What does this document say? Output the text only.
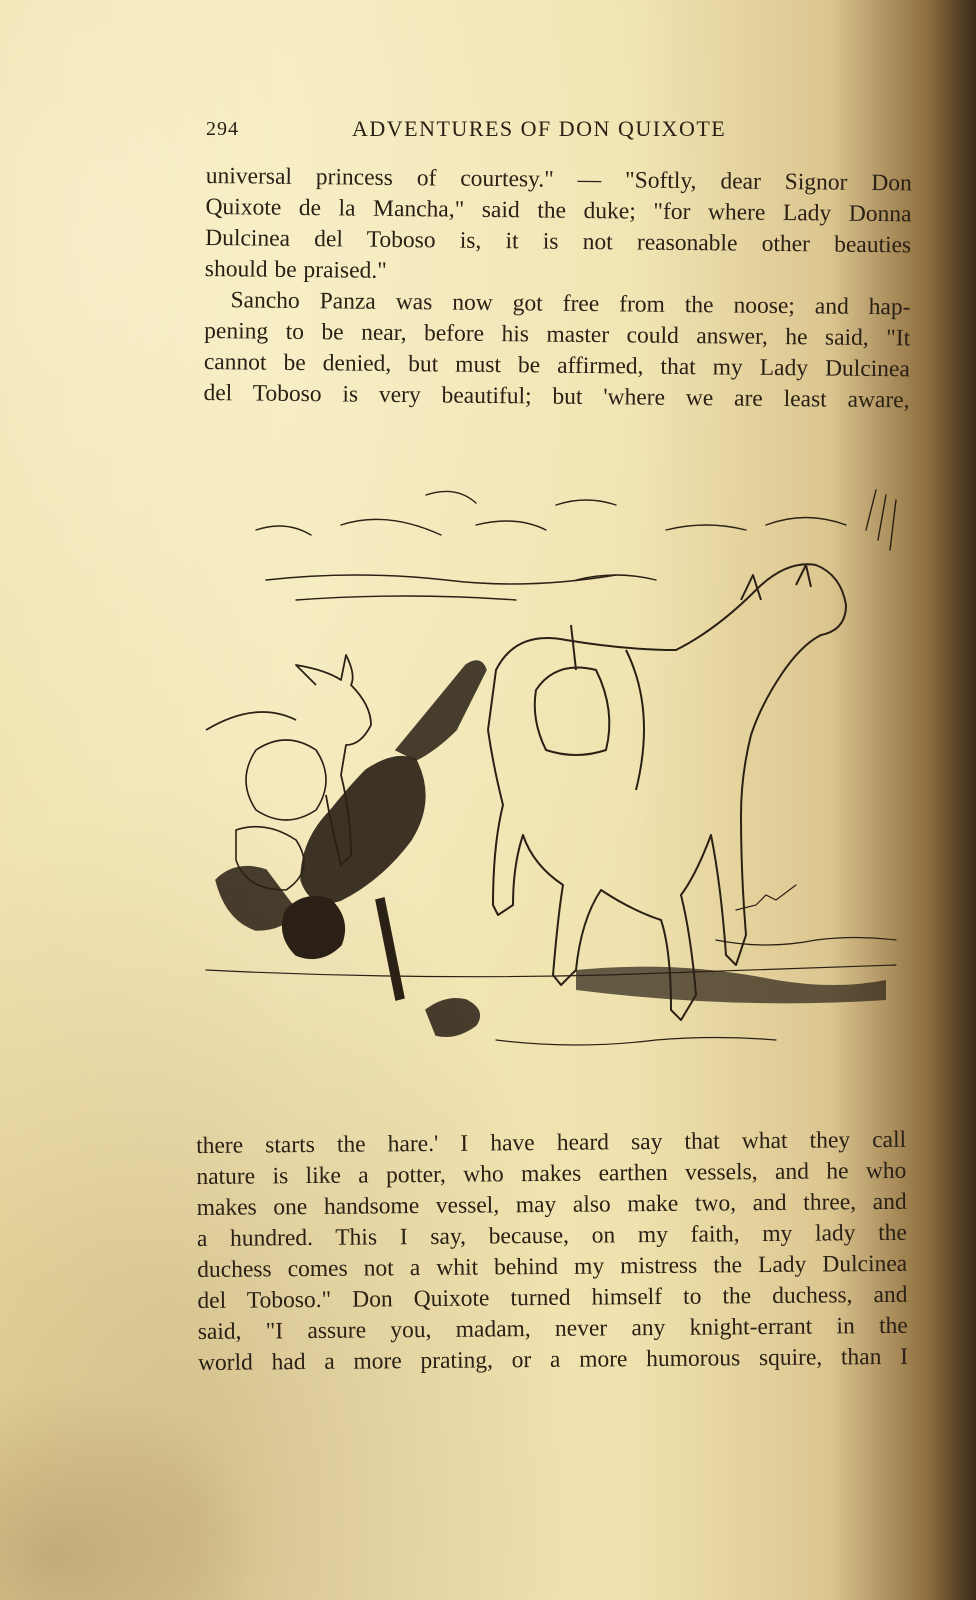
294	ADVENTURES OF DON QUIXOTE
universal princess of courtesy." — "Softly, dear Signor Don
Quixote de la Mancha," said the duke; "for where Lady Donna
Dulcinea del Toboso is, it is not reasonable other beauties
should be praised."
Sancho Panza was now got free from the noose; and hap-
pening to be near, before his master could answer, he said, "It
cannot be denied, but must be affirmed, that my Lady Dulcinea
del Toboso is very beautiful; but 'where we are least aware,
there starts the hare.' I have heard say that what they call
nature is like a potter, who makes earthen vessels, and he who
makes one handsome vessel, may also make two, and three, and
a hundred. This I say, because, on my faith, my lady the
duchess comes not a whit behind my mistress the Lady Dulcinea
del Toboso." Don Quixote turned himself to the duchess, and
said, "I assure you, madam, never any knight-errant in the
world had a more prating, or a more humorous squire, than I
